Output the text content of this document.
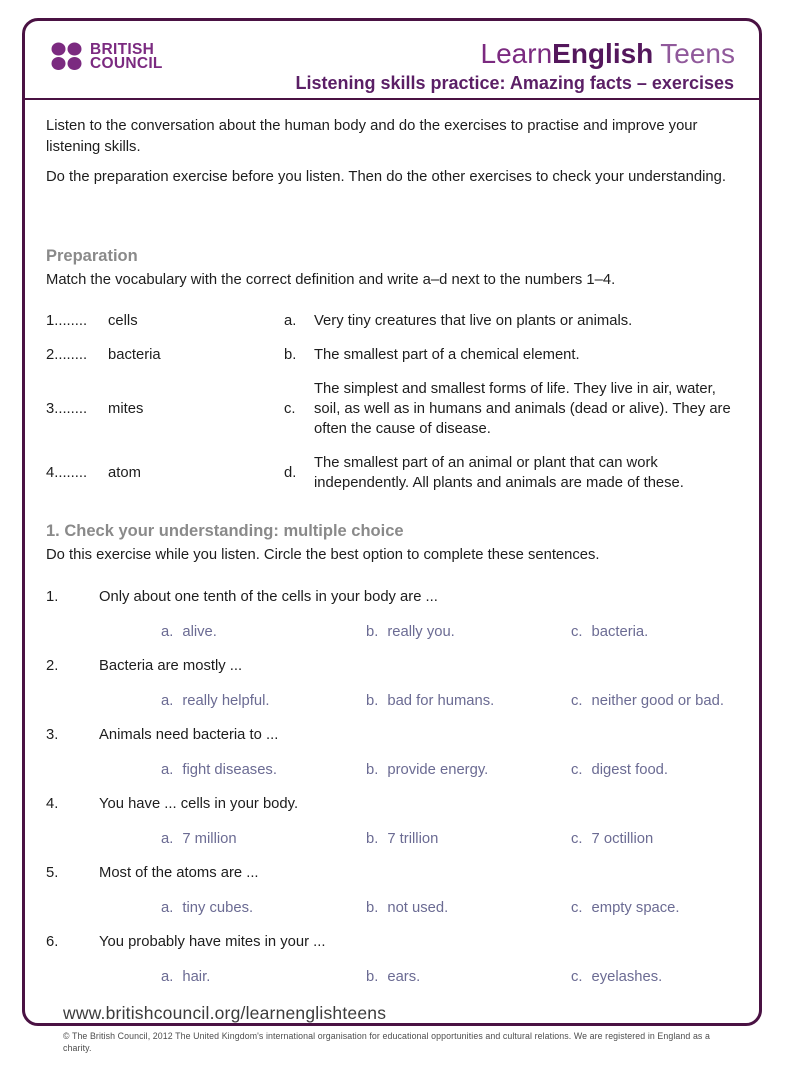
BRITISH
COUNCIL	LearnEnglish Teens
Listening skills practice: Amazing facts – exercises

Listen to the conversation about the human body and do the exercises to practise and improve your listening skills.

Do the preparation exercise before you listen. Then do the other exercises to check your understanding.

Preparation
Match the vocabulary with the correct definition and write a–d next to the numbers 1–4.
1........	cells	a.	Very tiny creatures that live on plants or animals.
2........	bacteria	b.	The smallest part of a chemical element.
3........	mites	c.
The simplest and smallest forms of life. They live in air, water, soil, as well as in humans and animals (dead or alive). They are often the cause of disease.
4........	atom	d.
The smallest part of an animal or plant that can work independently. All plants and animals are made of these.
1. Check your understanding: multiple choice
Do this exercise while you listen. Circle the best option to complete these sentences.
1.	Only about one tenth of the cells in your body are ...
a. alive.	b. really you.	c. bacteria.
2.	Bacteria are mostly ...
a. really helpful.	b. bad for humans.	c. neither good or bad.
3.	Animals need bacteria to ...
a. fight diseases.	b. provide energy.	c. digest food.
4.	You have ... cells in your body.
a. 7 million	b. 7 trillion	c. 7 octillion
5.	Most of the atoms are ...
a. tiny cubes.	b. not used.	c. empty space.
6.	You probably have mites in your ...
a. hair.	b. ears.	c. eyelashes.
www.britishcouncil.org/learnenglishteens
© The British Council, 2012 The United Kingdom's international organisation for educational opportunities and cultural relations. We are registered in England as a charity.
